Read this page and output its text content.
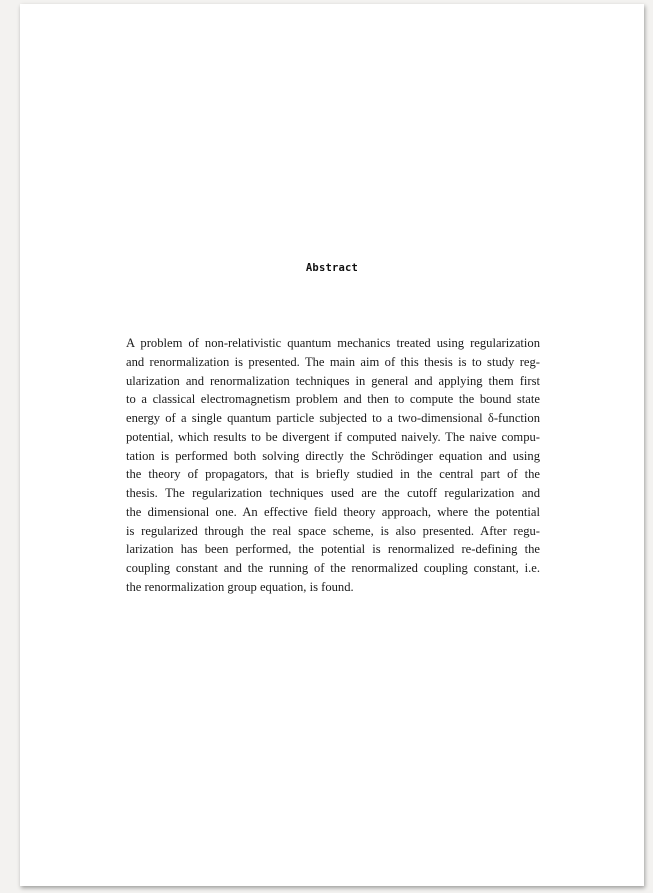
Abstract
A problem of non-relativistic quantum mechanics treated using regularization
and renormalization is presented. The main aim of this thesis is to study reg-
ularization and renormalization techniques in general and applying them first
to a classical electromagnetism problem and then to compute the bound state
energy of a single quantum particle subjected to a two-dimensional δ-function
potential, which results to be divergent if computed naively. The naive compu-
tation is performed both solving directly the Schrödinger equation and using
the theory of propagators, that is briefly studied in the central part of the
thesis. The regularization techniques used are the cutoff regularization and
the dimensional one. An effective field theory approach, where the potential
is regularized through the real space scheme, is also presented. After regu-
larization has been performed, the potential is renormalized re-defining the
coupling constant and the running of the renormalized coupling constant, i.e.
the renormalization group equation, is found.
